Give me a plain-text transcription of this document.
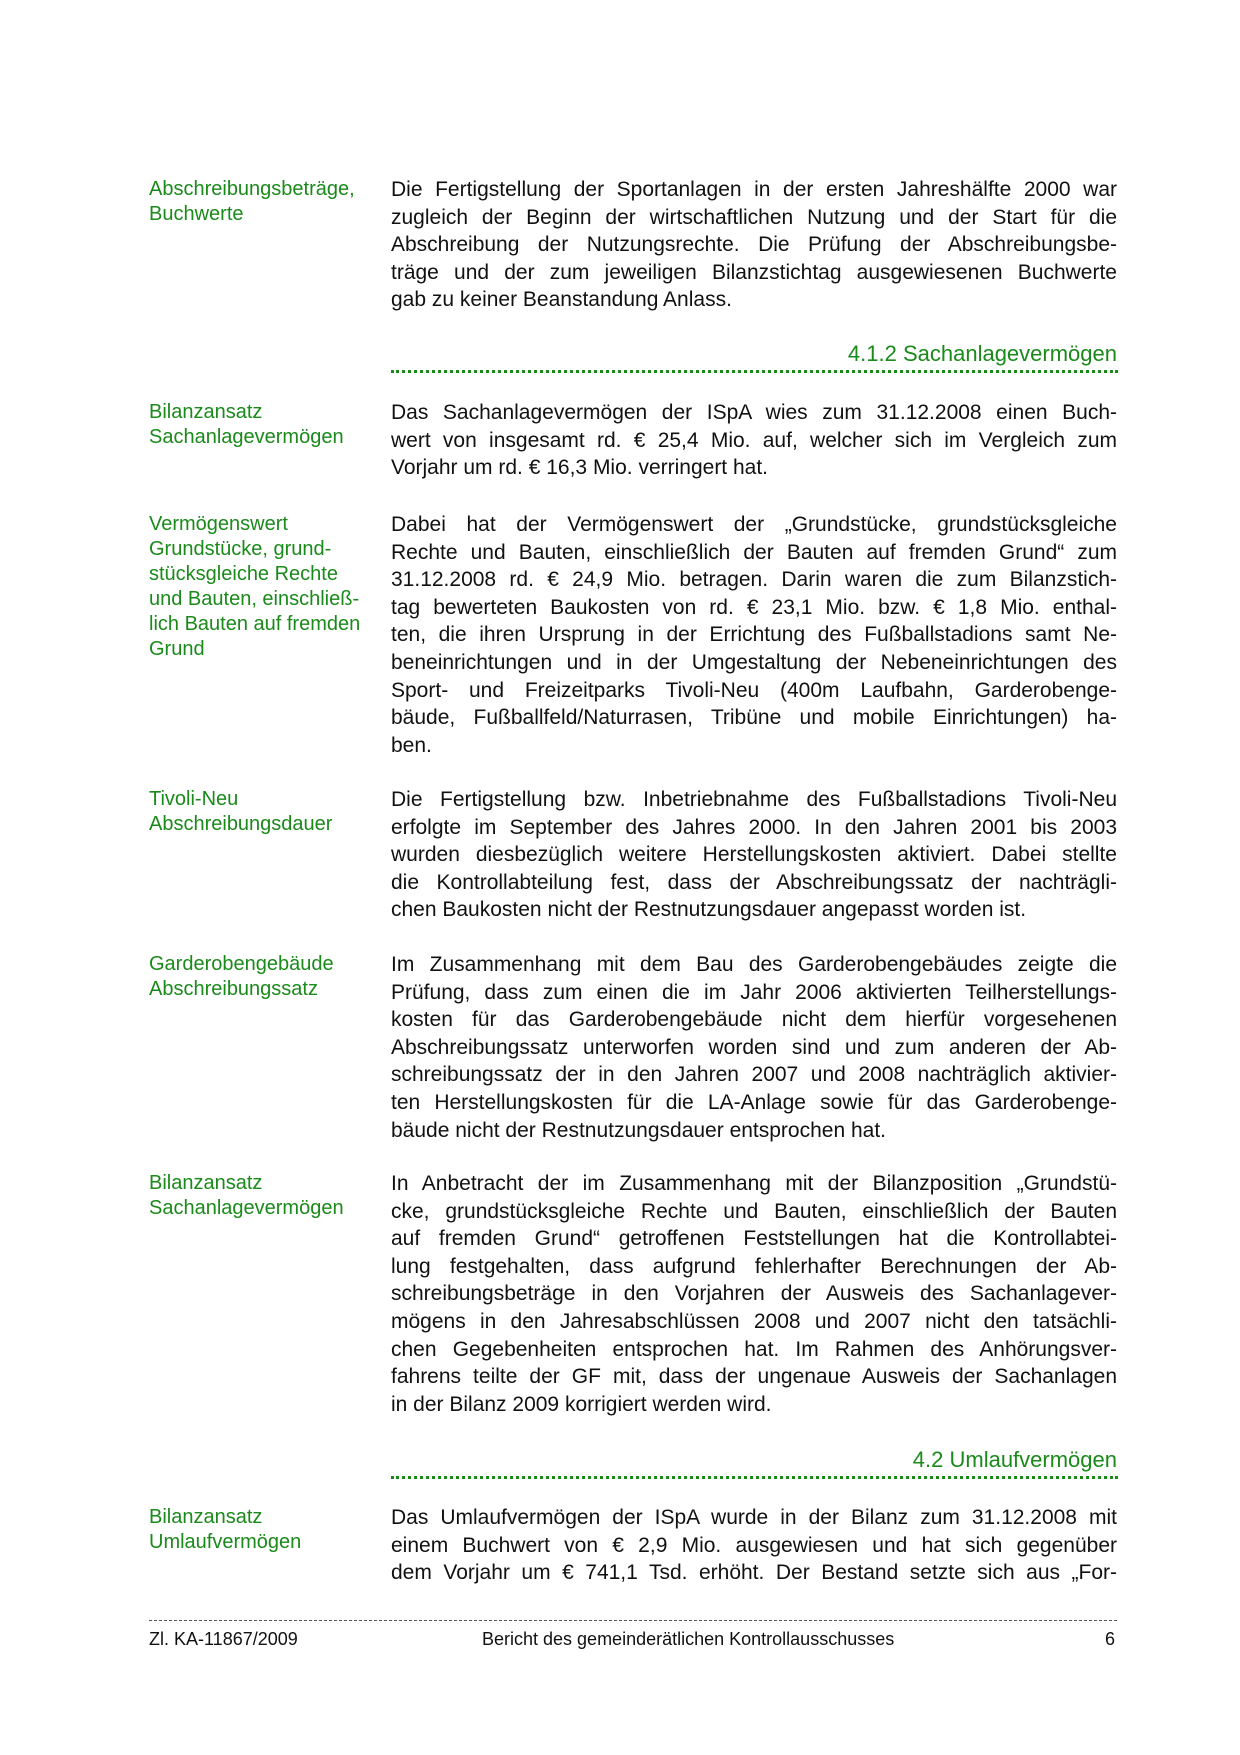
4.1.2 Sachanlagevermögen
4.2 Umlaufvermögen
Zl. KA-11867/2009	Bericht des gemeinderätlichen Kontrollausschusses	6
Abschreibungsbeträge,
Buchwerte
Die Fertigstellung der Sportanlagen in der ersten Jahreshälfte 2000 war
zugleich der Beginn der wirtschaftlichen Nutzung und der Start für die
Abschreibung der Nutzungsrechte. Die Prüfung der Abschreibungsbe-
träge und der zum jeweiligen Bilanzstichtag ausgewiesenen Buchwerte
gab zu keiner Beanstandung Anlass.
Bilanzansatz
Sachanlagevermögen
Das Sachanlagevermögen der ISpA wies zum 31.12.2008 einen Buch-
wert von insgesamt rd. € 25,4 Mio. auf, welcher sich im Vergleich zum
Vorjahr um rd. € 16,3 Mio. verringert hat.
Vermögenswert
Grundstücke, grund-
stücksgleiche Rechte
und Bauten, einschließ-
lich Bauten auf fremden
Grund
Dabei hat der Vermögenswert der „Grundstücke, grundstücksgleiche
Rechte und Bauten, einschließlich der Bauten auf fremden Grund“ zum
31.12.2008 rd. € 24,9 Mio. betragen. Darin waren die zum Bilanzstich-
tag bewerteten Baukosten von rd. € 23,1 Mio. bzw. € 1,8 Mio. enthal-
ten, die ihren Ursprung in der Errichtung des Fußballstadions samt Ne-
beneinrichtungen und in der Umgestaltung der Nebeneinrichtungen des
Sport- und Freizeitparks Tivoli-Neu (400m Laufbahn, Garderobenge-
bäude, Fußballfeld/Naturrasen, Tribüne und mobile Einrichtungen) ha-
ben.
Tivoli-Neu
Abschreibungsdauer
Die Fertigstellung bzw. Inbetriebnahme des Fußballstadions Tivoli-Neu
erfolgte im September des Jahres 2000. In den Jahren 2001 bis 2003
wurden diesbezüglich weitere Herstellungskosten aktiviert. Dabei stellte
die Kontrollabteilung fest, dass der Abschreibungssatz der nachträgli-
chen Baukosten nicht der Restnutzungsdauer angepasst worden ist.
Garderobengebäude
Abschreibungssatz
Im Zusammenhang mit dem Bau des Garderobengebäudes zeigte die
Prüfung, dass zum einen die im Jahr 2006 aktivierten Teilherstellungs-
kosten für das Garderobengebäude nicht dem hierfür vorgesehenen
Abschreibungssatz unterworfen worden sind und zum anderen der Ab-
schreibungssatz der in den Jahren 2007 und 2008 nachträglich aktivier-
ten Herstellungskosten für die LA-Anlage sowie für das Garderobenge-
bäude nicht der Restnutzungsdauer entsprochen hat.
Bilanzansatz
Sachanlagevermögen
In Anbetracht der im Zusammenhang mit der Bilanzposition „Grundstü-
cke, grundstücksgleiche Rechte und Bauten, einschließlich der Bauten
auf fremden Grund“ getroffenen Feststellungen hat die Kontrollabtei-
lung festgehalten, dass aufgrund fehlerhafter Berechnungen der Ab-
schreibungsbeträge in den Vorjahren der Ausweis des Sachanlagever-
mögens in den Jahresabschlüssen 2008 und 2007 nicht den tatsächli-
chen Gegebenheiten entsprochen hat. Im Rahmen des Anhörungsver-
fahrens teilte der GF mit, dass der ungenaue Ausweis der Sachanlagen
in der Bilanz 2009 korrigiert werden wird.
Bilanzansatz
Umlaufvermögen
Das Umlaufvermögen der ISpA wurde in der Bilanz zum 31.12.2008 mit
einem Buchwert von € 2,9 Mio. ausgewiesen und hat sich gegenüber
dem Vorjahr um € 741,1 Tsd. erhöht. Der Bestand setzte sich aus „For-
